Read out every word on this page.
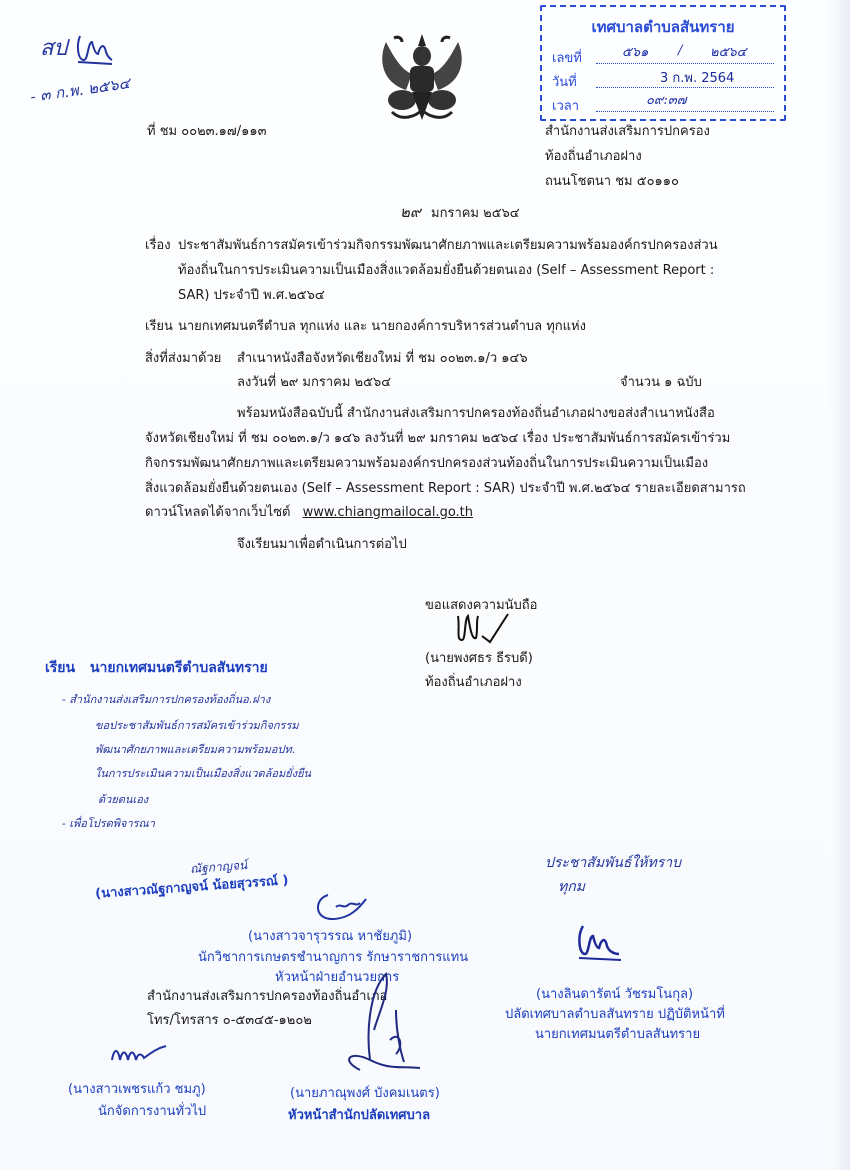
สป
- ๓ ก.พ. ๒๕๖๔
เทศบาลตำบลสันทราย
เลขที่	๕๖๑ / ๒๕๖๔
วันที่	3 ก.พ. 2564
เวลา	๐๙:๓๗
ที่ ชม ๐๐๒๓.๑๗/๑๑๓	สำนักงานส่งเสริมการปกครอง
ท้องถิ่นอำเภอฝาง
ถนนโชตนา ชม ๕๐๑๑๐
๒๙ มกราคม ๒๕๖๔
เรื่อง ประชาสัมพันธ์การสมัครเข้าร่วมกิจกรรมพัฒนาศักยภาพและเตรียมความพร้อมองค์กรปกครองส่วน
ท้องถิ่นในการประเมินความเป็นเมืองสิ่งแวดล้อมยั่งยืนด้วยตนเอง (Self – Assessment Report :
SAR) ประจำปี พ.ศ.๒๕๖๔
เรียน นายกเทศมนตรีตำบล ทุกแห่ง และ นายกองค์การบริหารส่วนตำบล ทุกแห่ง
สิ่งที่ส่งมาด้วย สำเนาหนังสือจังหวัดเชียงใหม่ ที่ ชม ๐๐๒๓.๑/ว ๑๔๖
ลงวันที่ ๒๙ มกราคม ๒๕๖๔	จำนวน ๑ ฉบับ
พร้อมหนังสือฉบับนี้ สำนักงานส่งเสริมการปกครองท้องถิ่นอำเภอฝางขอส่งสำเนาหนังสือ
จังหวัดเชียงใหม่ ที่ ชม ๐๐๒๓.๑/ว ๑๔๖ ลงวันที่ ๒๙ มกราคม ๒๕๖๔ เรื่อง ประชาสัมพันธ์การสมัครเข้าร่วม
กิจกรรมพัฒนาศักยภาพและเตรียมความพร้อมองค์กรปกครองส่วนท้องถิ่นในการประเมินความเป็นเมือง
สิ่งแวดล้อมยั่งยืนด้วยตนเอง (Self – Assessment Report : SAR) ประจำปี พ.ศ.๒๕๖๔ รายละเอียดสามารถ
ดาวน์โหลดได้จากเว็บไซต์ www.chiangmailocal.go.th
จึงเรียนมาเพื่อดำเนินการต่อไป
ขอแสดงความนับถือ
(นายพงศธร ธีรบดี)
ท้องถิ่นอำเภอฝาง
เรียน นายกเทศมนตรีตำบลสันทราย
- สำนักงานส่งเสริมการปกครองท้องถิ่นอ.ฝาง
ขอประชาสัมพันธ์การสมัครเข้าร่วมกิจกรรม
พัฒนาศักยภาพและเตรียมความพร้อมอปท.
ในการประเมินความเป็นเมืองสิ่งแวดล้อมยั่งยืน
ด้วยตนเอง
- เพื่อโปรดพิจารณา
ณัฐกาญจน์
(นางสาวณัฐกาญจน์ น้อยสุวรรณ์ )
(นางสาวจารุวรรณ หาชัยภูมิ)
นักวิชาการเกษตรชำนาญการ รักษาราชการแทน
หัวหน้าฝ่ายอำนวยการ
สำนักงานส่งเสริมการปกครองท้องถิ่นอำเภอ
โทร/โทรสาร ๐-๕๓๔๕-๑๒๐๒
(นางสาวเพชรแก้ว ชมภู)
นักจัดการงานทั่วไป
(นายภาณุพงศ์ บังคมเนตร)
หัวหน้าสำนักปลัดเทศบาล
ประชาสัมพันธ์ให้ทราบ
ทุกม
(นางลินดารัตน์ วัชรมโนกุล)
ปลัดเทศบาลตำบลสันทราย ปฏิบัติหน้าที่
นายกเทศมนตรีตำบลสันทราย
